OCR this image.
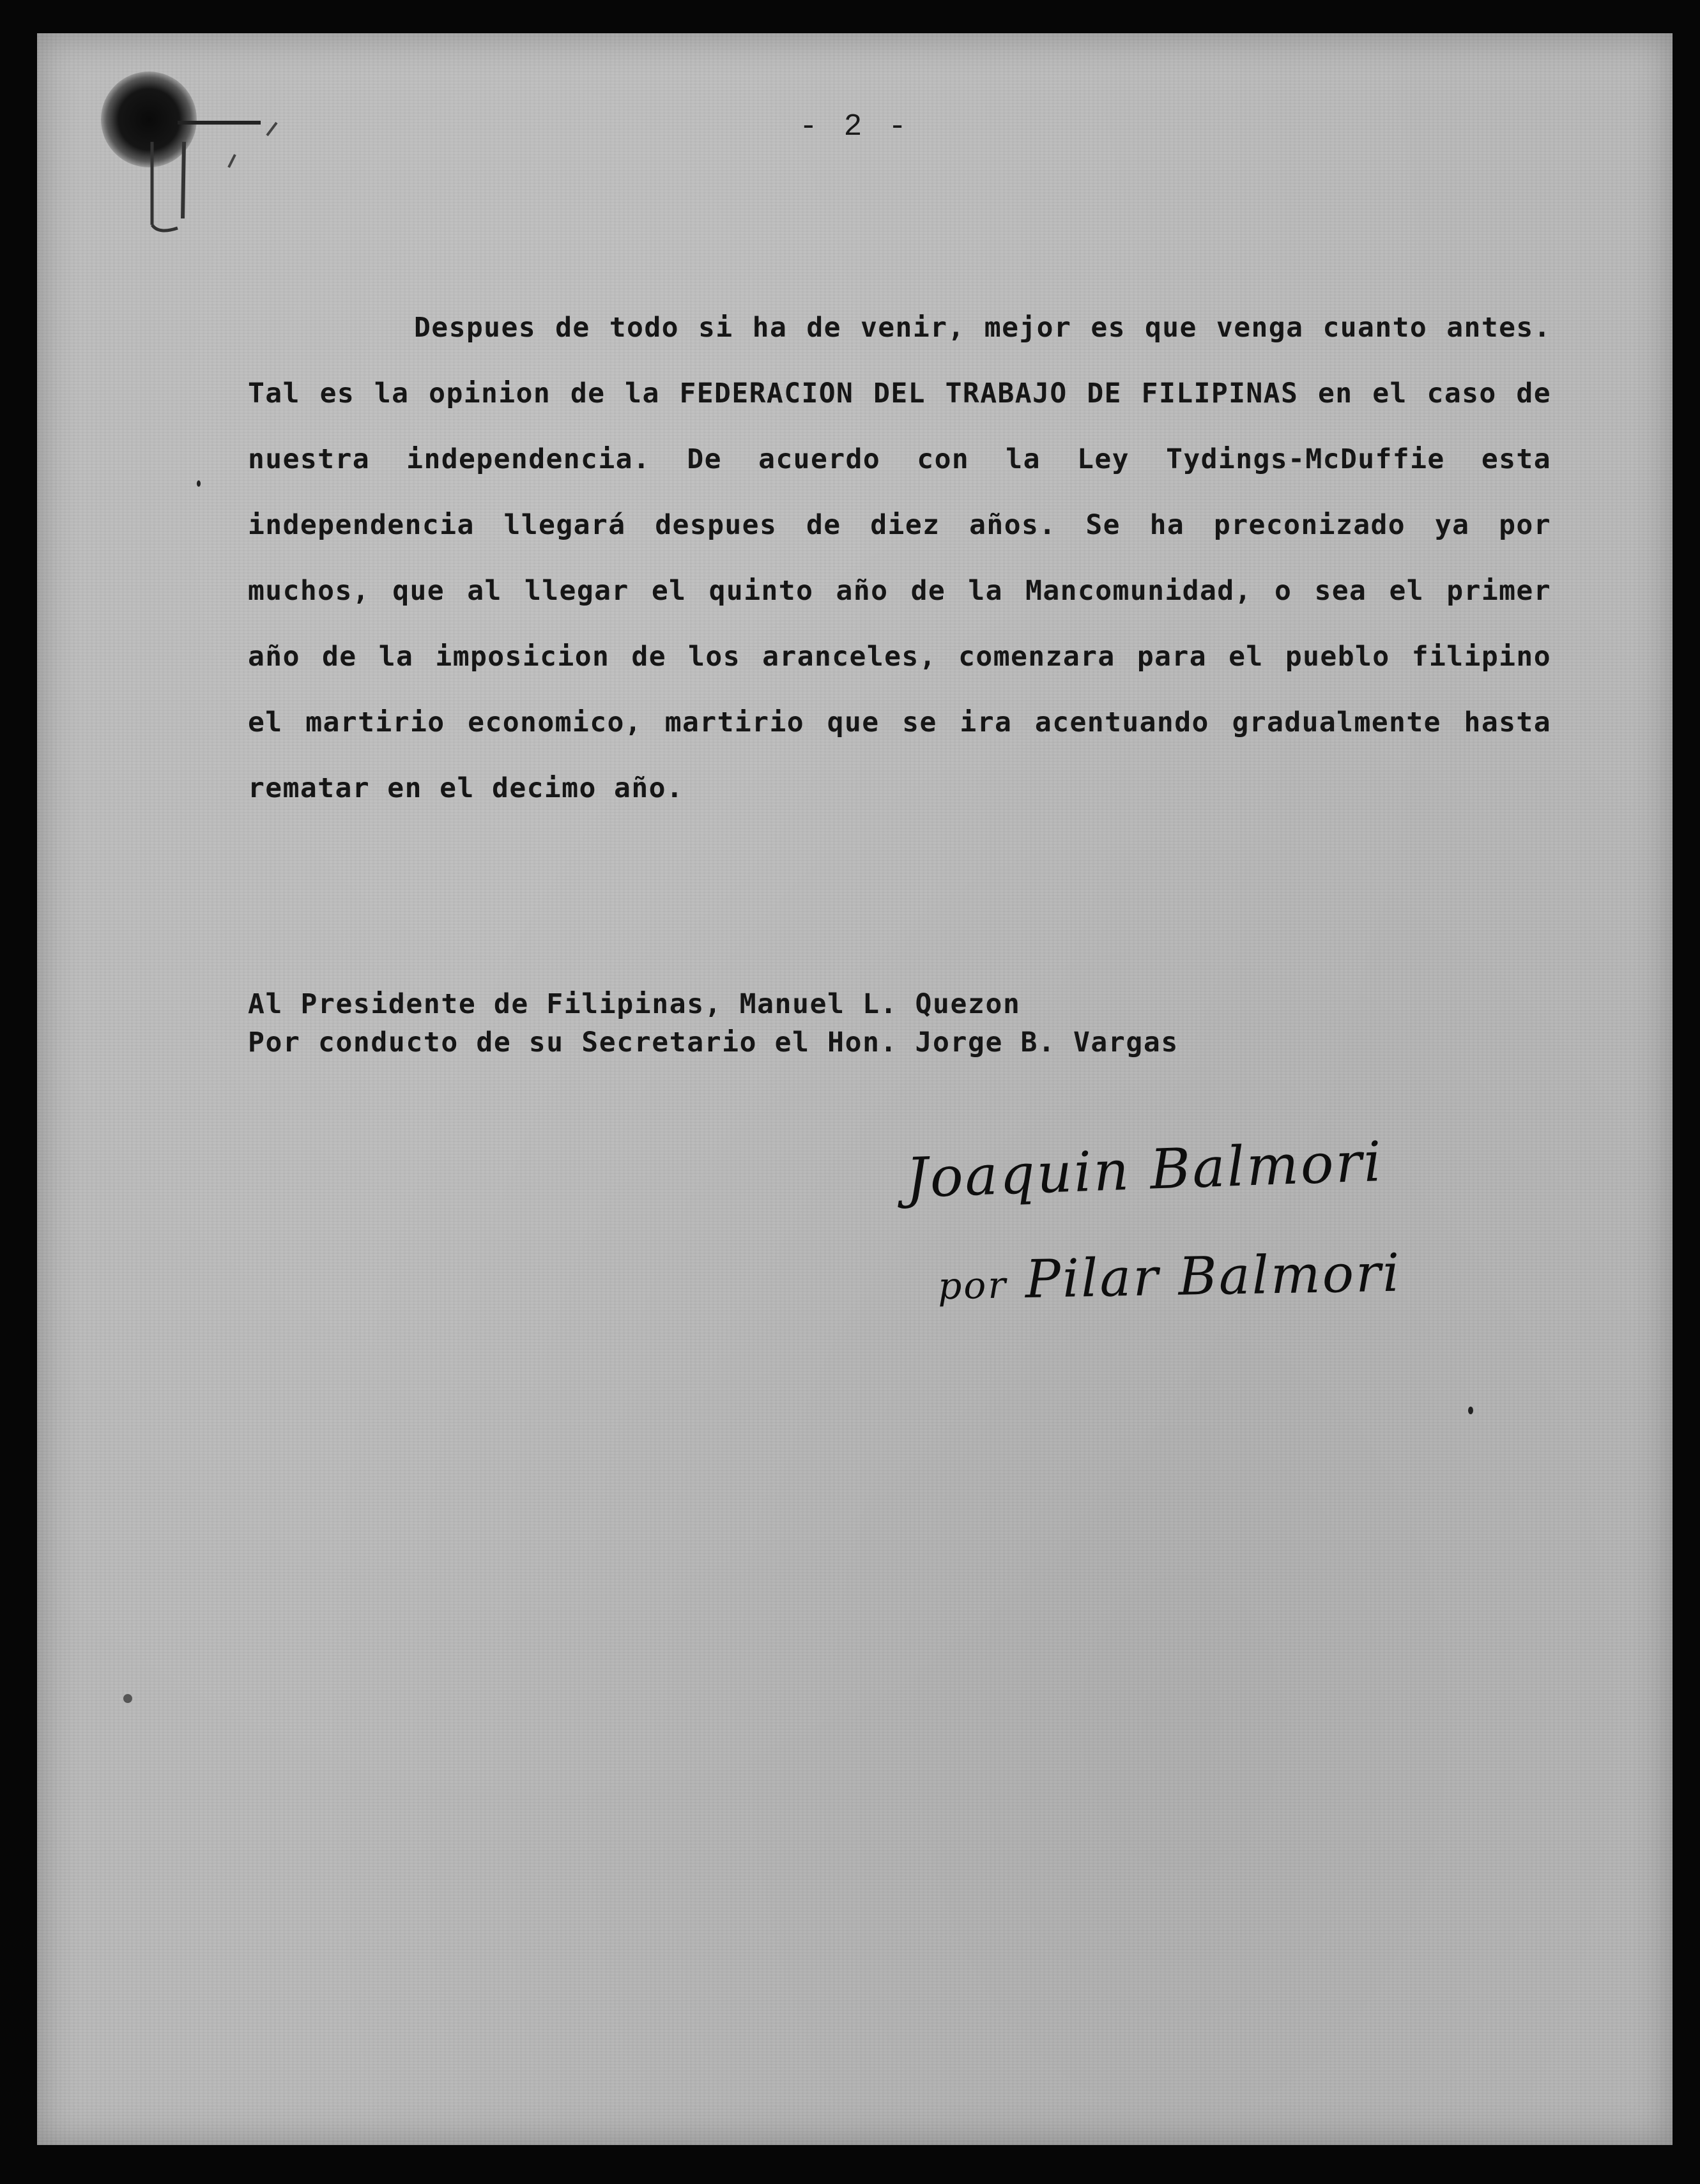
- 2 -

Despues de todo si ha de venir, mejor es que venga cuanto antes. Tal es la opinion de la FEDERACION DEL TRABAJO DE FILIPINAS en el caso de nuestra independencia. De acuerdo con la Ley Tydings-McDuffie esta independencia llegará despues de diez años. Se ha preconizado ya por muchos, que al llegar el quinto año de la Mancomunidad, o sea el primer año de la imposicion de los aranceles, comenzara para el pueblo filipino el martirio economico, martirio que se ira acentuando gradualmente hasta rematar en el decimo año.

Al Presidente de Filipinas, Manuel L. Quezon
Por conducto de su Secretario el Hon. Jorge B. Vargas
Joaquin Balmori
por Pilar Balmori
